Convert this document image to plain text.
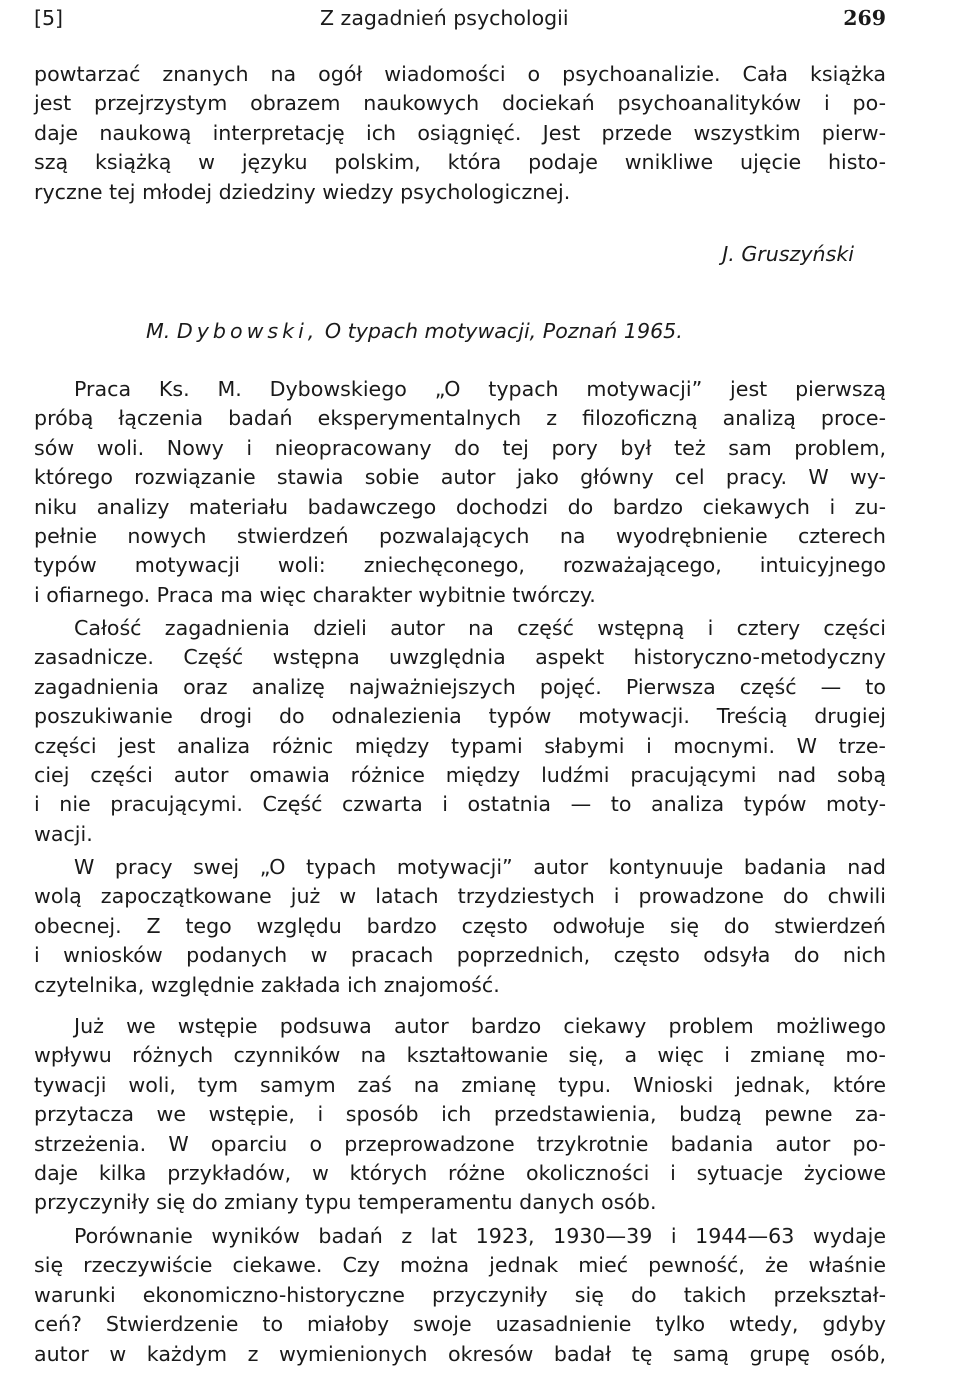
[5]	Z zagadnień psychologii	269
powtarzać znanych na ogół wiadomości o psychoanalizie. Cała książka
jest przejrzystym obrazem naukowych dociekań psychoanalityków i po-
daje naukową interpretację ich osiągnięć. Jest przede wszystkim pierw-
szą książką w języku polskim, która podaje wnikliwe ujęcie histo-
ryczne tej młodej dziedziny wiedzy psychologicznej.
J. Gruszyński
M. Dybowski, O typach motywacji, Poznań 1965.
Praca Ks. M. Dybowskiego „O typach motywacji” jest pierwszą
próbą łączenia badań eksperymentalnych z filozoficzną analizą proce-
sów woli. Nowy i nieopracowany do tej pory był też sam problem,
którego rozwiązanie stawia sobie autor jako główny cel pracy. W wy-
niku analizy materiału badawczego dochodzi do bardzo ciekawych i zu-
pełnie nowych stwierdzeń pozwalających na wyodrębnienie czterech
typów motywacji woli: zniechęconego, rozważającego, intuicyjnego
i ofiarnego. Praca ma więc charakter wybitnie twórczy.
Całość zagadnienia dzieli autor na część wstępną i cztery części
zasadnicze. Część wstępna uwzględnia aspekt historyczno-metodyczny
zagadnienia oraz analizę najważniejszych pojęć. Pierwsza część — to
poszukiwanie drogi do odnalezienia typów motywacji. Treścią drugiej
części jest analiza różnic między typami słabymi i mocnymi. W trze-
ciej części autor omawia różnice między ludźmi pracującymi nad sobą
i nie pracującymi. Część czwarta i ostatnia — to analiza typów moty-
wacji.
W pracy swej „O typach motywacji” autor kontynuuje badania nad
wolą zapoczątkowane już w latach trzydziestych i prowadzone do chwili
obecnej. Z tego względu bardzo często odwołuje się do stwierdzeń
i wniosków podanych w pracach poprzednich, często odsyła do nich
czytelnika, względnie zakłada ich znajomość.
Już we wstępie podsuwa autor bardzo ciekawy problem możliwego
wpływu różnych czynników na kształtowanie się, a więc i zmianę mo-
tywacji woli, tym samym zaś na zmianę typu. Wnioski jednak, które
przytacza we wstępie, i sposób ich przedstawienia, budzą pewne za-
strzeżenia. W oparciu o przeprowadzone trzykrotnie badania autor po-
daje kilka przykładów, w których różne okoliczności i sytuacje życiowe
przyczyniły się do zmiany typu temperamentu danych osób.
Porównanie wyników badań z lat 1923, 1930—39 i 1944—63 wydaje
się rzeczywiście ciekawe. Czy można jednak mieć pewność, że właśnie
warunki ekonomiczno-historyczne przyczyniły się do takich przekształ-
ceń? Stwierdzenie to miałoby swoje uzasadnienie tylko wtedy, gdyby
autor w każdym z wymienionych okresów badał tę samą grupę osób,
